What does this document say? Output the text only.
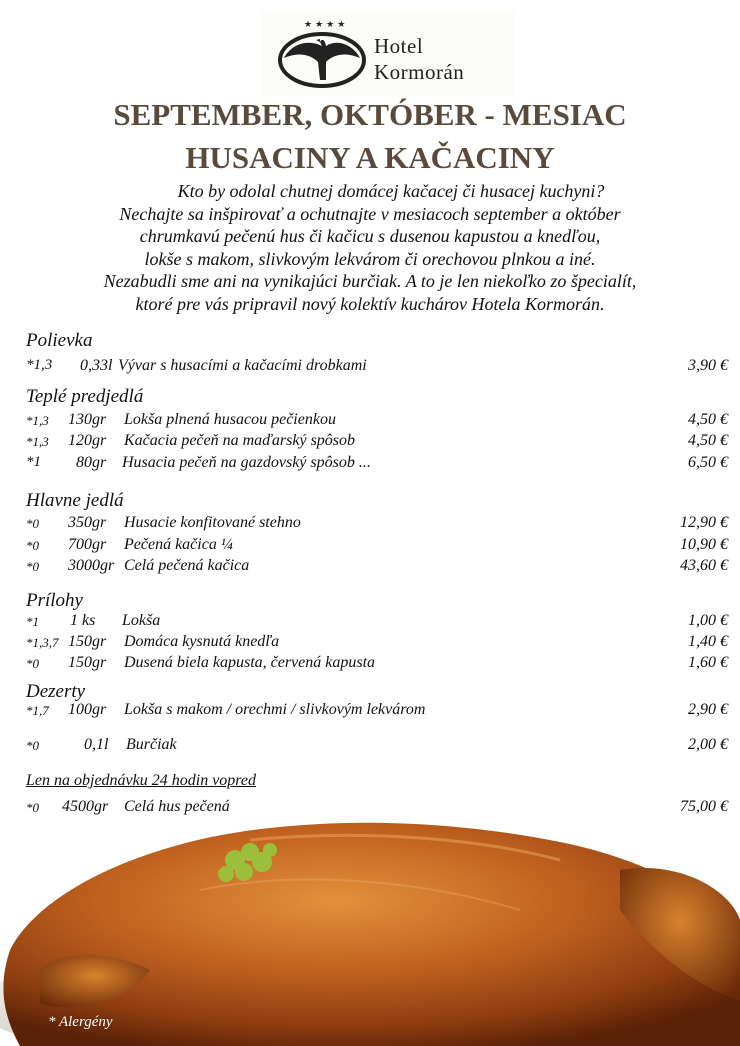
★★★★
Hotel
Kormorán
SEPTEMBER, OKTÓBER - MESIAC
HUSACINY A KAČACINY
Kto by odolal chutnej domácej kačacej či husacej kuchyni?
Nechajte sa inšpirovať a ochutnajte v mesiacoch september a október
chrumkavú pečenú hus či kačicu s dusenou kapustou a knedľou,
lokše s makom, slivkovým lekvárom či orechovou plnkou a iné.
Nezabudli sme ani na vynikajúci burčiak. A to je len niekoľko zo špecialít,
ktoré pre vás pripravil nový kolektív kuchárov Hotela Kormorán.
Polievka
*1,3 0,33l Vývar s husacími a kačacími drobkami	3,90 €
Teplé predjedlá
*1,3 130gr Lokša plnená husacou pečienkou	4,50 €
*1,3 120gr Kačacia pečeň na maďarský spôsob	4,50 €
*1 80gr Husacia pečeň na gazdovský spôsob ...	6,50 €
Hlavne jedlá
*0 350gr Husacie konfitované stehno	12,90 €
*0 700gr Pečená kačica ¼	10,90 €
*0 3000gr Celá pečená kačica	43,60 €
Prílohy
*1 1 ks Lokša	1,00 €
*1,3,7 150gr Domáca kysnutá knedľa	1,40 €
*0 150gr Dusená biela kapusta, červená kapusta	1,60 €
Dezerty
*1,7 100gr Lokša s makom / orechmi / slivkovým lekvárom	2,90 €
*0	0,1l Burčiak	2,00 €
Len na objednávku 24 hodin vopred
*0 4500gr Celá hus pečená	75,00 €
* Alergény
